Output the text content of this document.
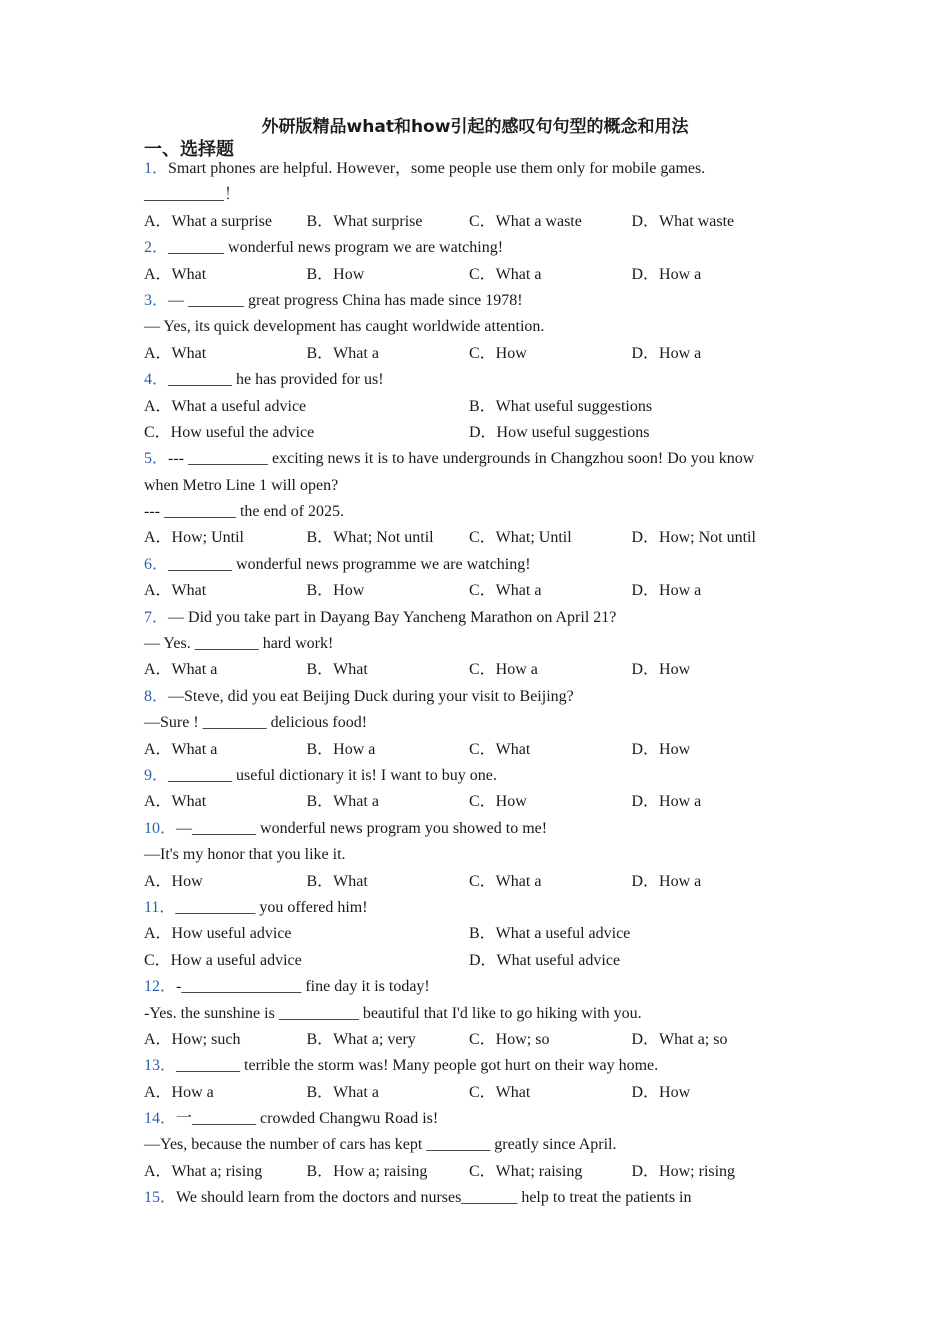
外研版精品what和how引起的感叹句句型的概念和用法
一、选择题
1．Smart phones are helpful. However，some people use them only for mobile games.
__________！
A．What a surprise	B．What surprise	C．What a waste	D．What waste
2．_______ wonderful news program we are watching!
A．What	B．How	C．What a	D．How a
3．— _______ great progress China has made since 1978!
— Yes, its quick development has caught worldwide attention.
A．What	B．What a	C．How	D．How a
4．________ he has provided for us!
A．What a useful advice	B．What useful suggestions
C．How useful the advice	D．How useful suggestions
5．--- __________ exciting news it is to have undergrounds in Changzhou soon! Do you know
when Metro Line 1 will open?
--- _________ the end of 2025.
A．How; Until	B．What; Not until	C．What; Until	D．How; Not until
6．________ wonderful news programme we are watching!
A．What	B．How	C．What a	D．How a
7．— Did you take part in Dayang Bay Yancheng Marathon on April 21?
— Yes. ________ hard work!
A．What a	B．What	C．How a	D．How
8．—Steve, did you eat Beijing Duck during your visit to Beijing?
—Sure ! ________ delicious food!
A．What a	B．How a	C．What	D．How
9．________ useful dictionary it is! I want to buy one.
A．What	B．What a	C．How	D．How a
10．—________ wonderful news program you showed to me!
—It's my honor that you like it.
A．How	B．What	C．What a	D．How a
11．__________ you offered him!
A．How useful advice	B．What a useful advice
C．How a useful advice	D．What useful advice
12．-_______________ fine day it is today!
-Yes. the sunshine is __________ beautiful that I'd like to go hiking with you.
A．How; such	B．What a; very	C．How; so	D．What a; so
13．________ terrible the storm was! Many people got hurt on their way home.
A．How a	B．What a	C．What	D．How
14．一________ crowded Changwu Road is!
—Yes, because the number of cars has kept ________ greatly since April.
A．What a; rising	B．How a; raising	C．What; raising	D．How; rising
15．We should learn from the doctors and nurses_______ help to treat the patients in
